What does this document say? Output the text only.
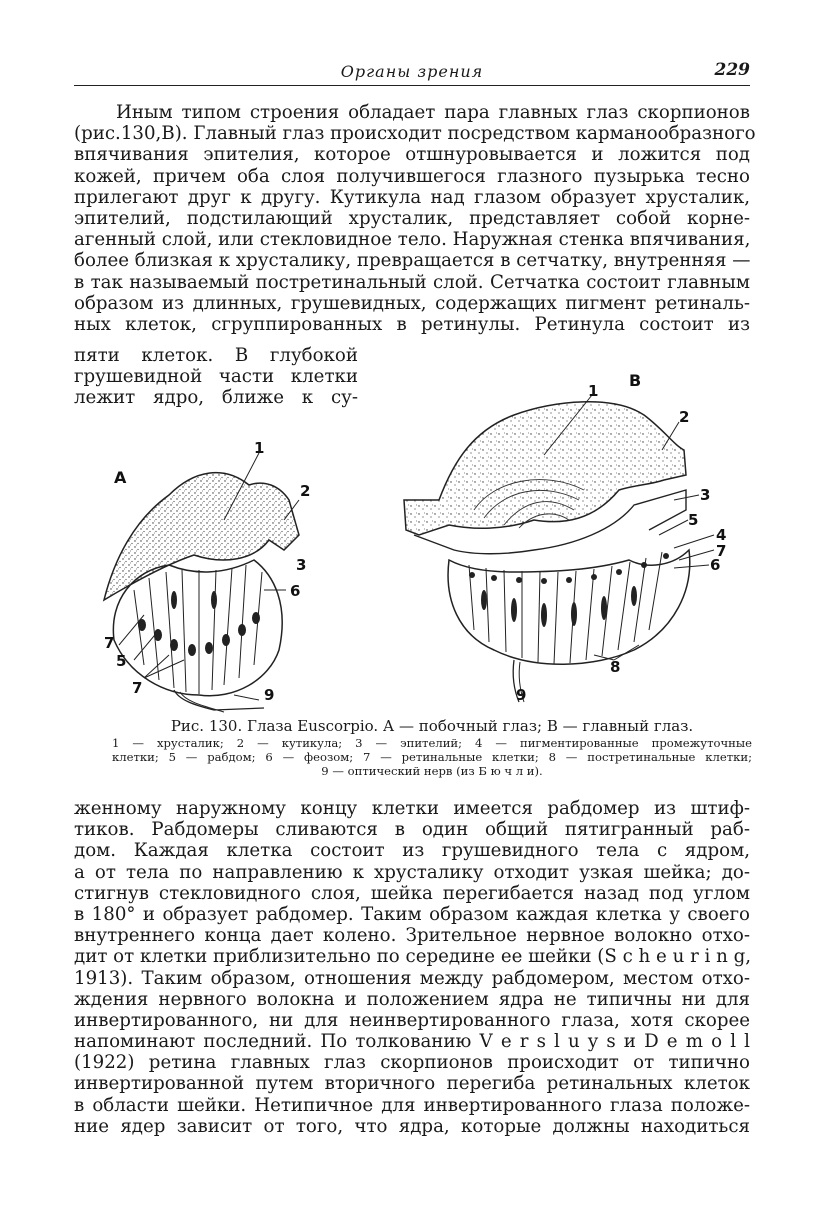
Органы зрения	229
Иным типом строения обладает пара главных глаз скорпионов
(рис.130,B). Главный глаз происходит посредством карманообразного
впячивания эпителия, которое отшнуровывается и ложится под
кожей, причем оба слоя получившегося глазного пузырька тесно
прилегают друг к другу. Кутикула над глазом образует хрусталик,
эпителий, подстилающий хрусталик, представляет собой корне-
агенный слой, или стекловидное тело. Наружная стенка впячивания,
более близкая к хрусталику, превращается в сетчатку, внутренняя —
в так называемый постретинальный слой. Сетчатка состоит главным
образом из длинных, грушевидных, содержащих пигмент ретиналь-
ных клеток, сгруппированных в ретинулы. Ретинула состоит из
пяти клеток. В глубокой
грушевидной части клетки
лежит ядро, ближе к су-
А
1
2
3
6
7
5
7	9
В
1
2
3
5
4
7
6
8
9
Рис. 130. Глаза Euscorpio. А — побочный глаз; В — главный глаз.
1 — хрусталик; 2 — кутикула; 3 — эпителий; 4 — пигментированные промежуточные
клетки; 5 — рабдом; 6 — феозом; 7 — ретинальные клетки; 8 — постретинальные клетки;
9 — оптический нерв (из Б ю ч л и).
женному наружному концу клетки имеется рабдомер из штиф-
тиков. Рабдомеры сливаются в один общий пятигранный раб-
дом. Каждая клетка состоит из грушевидного тела с ядром,
а от тела по направлению к хрусталику отходит узкая шейка; до-
стигнув стекловидного слоя, шейка перегибается назад под углом
в 180° и образует рабдомер. Таким образом каждая клетка у своего
внутреннего конца дает колено. Зрительное нервное волокно отхо-
дит от клетки приблизительно по середине ее шейки (S c h e u r i n g,
1913). Таким образом, отношения между рабдомером, местом отхо-
ждения нервного волокна и положением ядра не типичны ни для
инвертированного, ни для неинвертированного глаза, хотя скорее
напоминают последний. По толкованию V e r s l u y s и D e m o l l
(1922) ретина главных глаз скорпионов происходит от типично
инвертированной путем вторичного перегиба ретинальных клеток
в области шейки. Нетипичное для инвертированного глаза положе-
ние ядер зависит от того, что ядра, которые должны находиться
